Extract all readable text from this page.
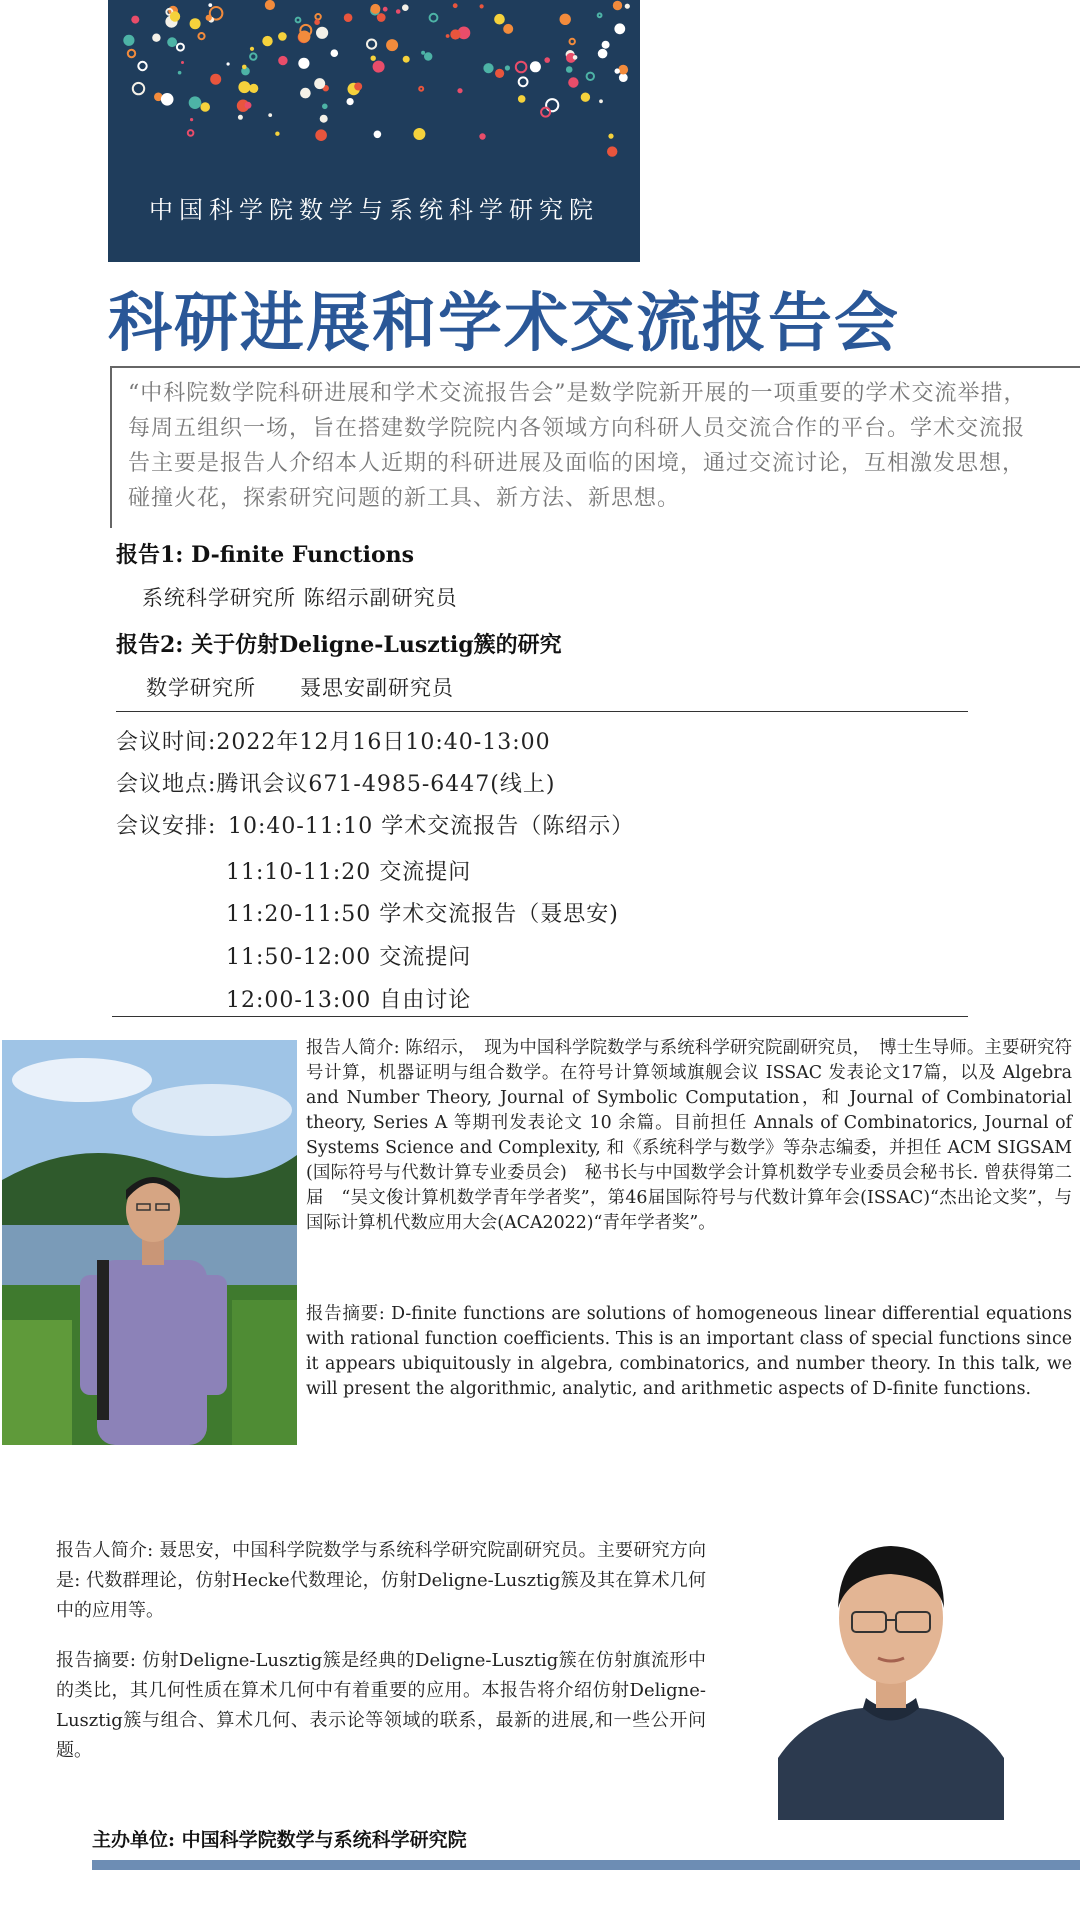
中国科学院数学与系统科学研究院
科研进展和学术交流报告会
“中科院数学院科研进展和学术交流报告会”是数学院新开展的一项重要的学术交流举措，每周五组织一场，旨在搭建数学院院内各领域方向科研人员交流合作的平台。学术交流报告主要是报告人介绍本人近期的科研进展及面临的困境，通过交流讨论，互相激发思想，碰撞火花，探索研究问题的新工具、新方法、新思想。
报告1: D-finite Functions
系统科学研究所 陈绍示副研究员
报告2: 关于仿射Deligne-Lusztig簇的研究
数学研究所　　聂思安副研究员
会议时间:2022年12月16日10:40-13:00
会议地点:腾讯会议671-4985-6447(线上)
会议安排: 10:40-11:10 学术交流报告（陈绍示）
11:10-11:20 交流提问
11:20-11:50 学术交流报告（聂思安)
11:50-12:00 交流提问
12:00-13:00 自由讨论
报告人简介: 陈绍示，　现为中国科学院数学与系统科学研究院副研究员，　博士生导师。主要研究符号计算，机器证明与组合数学。在符号计算领域旗舰会议 ISSAC 发表论文17篇，以及 Algebra and Number Theory, Journal of Symbolic Computation，和 Journal of Combinatorial theory, Series A 等期刊发表论文 10 余篇。目前担任 Annals of Combinatorics, Journal of Systems Science and Complexity, 和《系统科学与数学》等杂志编委，并担任 ACM SIGSAM (国际符号与代数计算专业委员会)　秘书长与中国数学会计算机数学专业委员会秘书长. 曾获得第二届　“吴文俊计算机数学青年学者奖”，第46届国际符号与代数计算年会(ISSAC)“杰出论文奖”，与国际计算机代数应用大会(ACA2022)“青年学者奖”。
报告摘要: D-finite functions are solutions of homogeneous linear differential equations with rational function coefficients. This is an important class of special functions since it appears ubiquitously in algebra, combinatorics, and number theory. In this talk, we will present the algorithmic, analytic, and arithmetic aspects of D-finite functions.
报告人简介: 聂思安，中国科学院数学与系统科学研究院副研究员。主要研究方向是: 代数群理论，仿射Hecke代数理论，仿射Deligne-Lusztig簇及其在算术几何中的应用等。
报告摘要: 仿射Deligne-Lusztig簇是经典的Deligne-Lusztig簇在仿射旗流形中的类比，其几何性质在算术几何中有着重要的应用。本报告将介绍仿射Deligne-Lusztig簇与组合、算术几何、表示论等领域的联系，最新的进展,和一些公开问题。
主办单位: 中国科学院数学与系统科学研究院
